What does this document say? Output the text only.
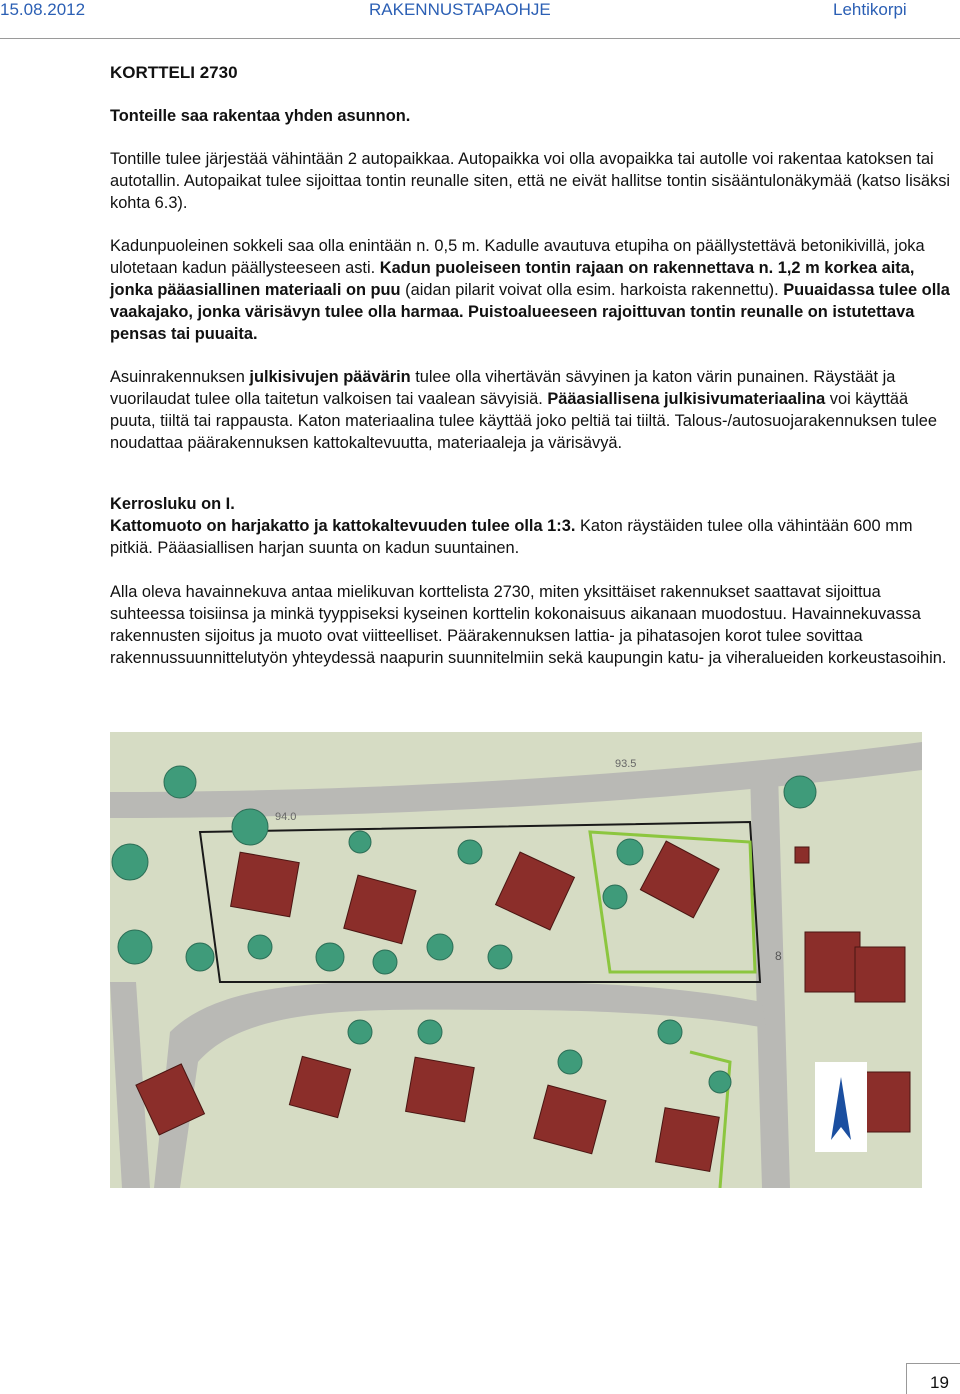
15.08.2012	RAKENNUSTAPAOHJE	Lehtikorpi
KORTTELI 2730
Tonteille saa rakentaa yhden asunnon.
Tontille tulee järjestää vähintään 2 autopaikkaa. Autopaikka voi olla avopaikka tai autolle voi rakentaa katoksen tai autotallin. Autopaikat tulee sijoittaa tontin reunalle siten, että ne eivät hallitse tontin sisääntulonäkymää (katso lisäksi kohta 6.3).
Kadunpuoleinen sokkeli saa olla enintään n. 0,5 m. Kadulle avautuva etupiha on päällystettävä betonikivillä, joka ulotetaan kadun päällysteeseen asti. Kadun puoleiseen tontin rajaan on rakennettava n. 1,2 m korkea aita, jonka pääasiallinen materiaali on puu (aidan pilarit voivat olla esim. harkoista rakennettu). Puuaidassa tulee olla vaakajako, jonka värisävyn tulee olla harmaa. Puistoalueeseen rajoittuvan tontin reunalle on istutettava pensas tai puuaita.
Asuinrakennuksen julkisivujen päävärin tulee olla vihertävän sävyinen ja katon värin punainen. Räystäät ja vuorilaudat tulee olla taitetun valkoisen tai vaalean sävyisiä. Pääasiallisena julkisivumateriaalina voi käyttää puuta, tiiltä tai rappausta. Katon materiaalina tulee käyttää joko peltiä tai tiiltä. Talous-/autosuojarakennuksen tulee noudattaa päärakennuksen kattokaltevuutta, materiaaleja ja värisävyä.
Kerrosluku on I.
Kattomuoto on harjakatto ja kattokaltevuuden tulee olla 1:3. Katon räystäiden tulee olla vähintään 600 mm pitkiä. Pääasiallisen harjan suunta on kadun suuntainen.
Alla oleva havainnekuva antaa mielikuvan korttelista 2730, miten yksittäiset rakennukset saattavat sijoittua suhteessa toisiinsa ja minkä tyyppiseksi kyseinen korttelin kokonaisuus aikanaan muodostuu. Havainnekuvassa rakennusten sijoitus ja muoto ovat viitteelliset. Päärakennuksen lattia- ja pihatasojen korot tulee sovittaa rakennussuunnittelutyön yhteydessä naapurin suunnitelmiin sekä kaupungin katu- ja viheralueiden korkeustasoihin.
94.0
93.5
8
19
